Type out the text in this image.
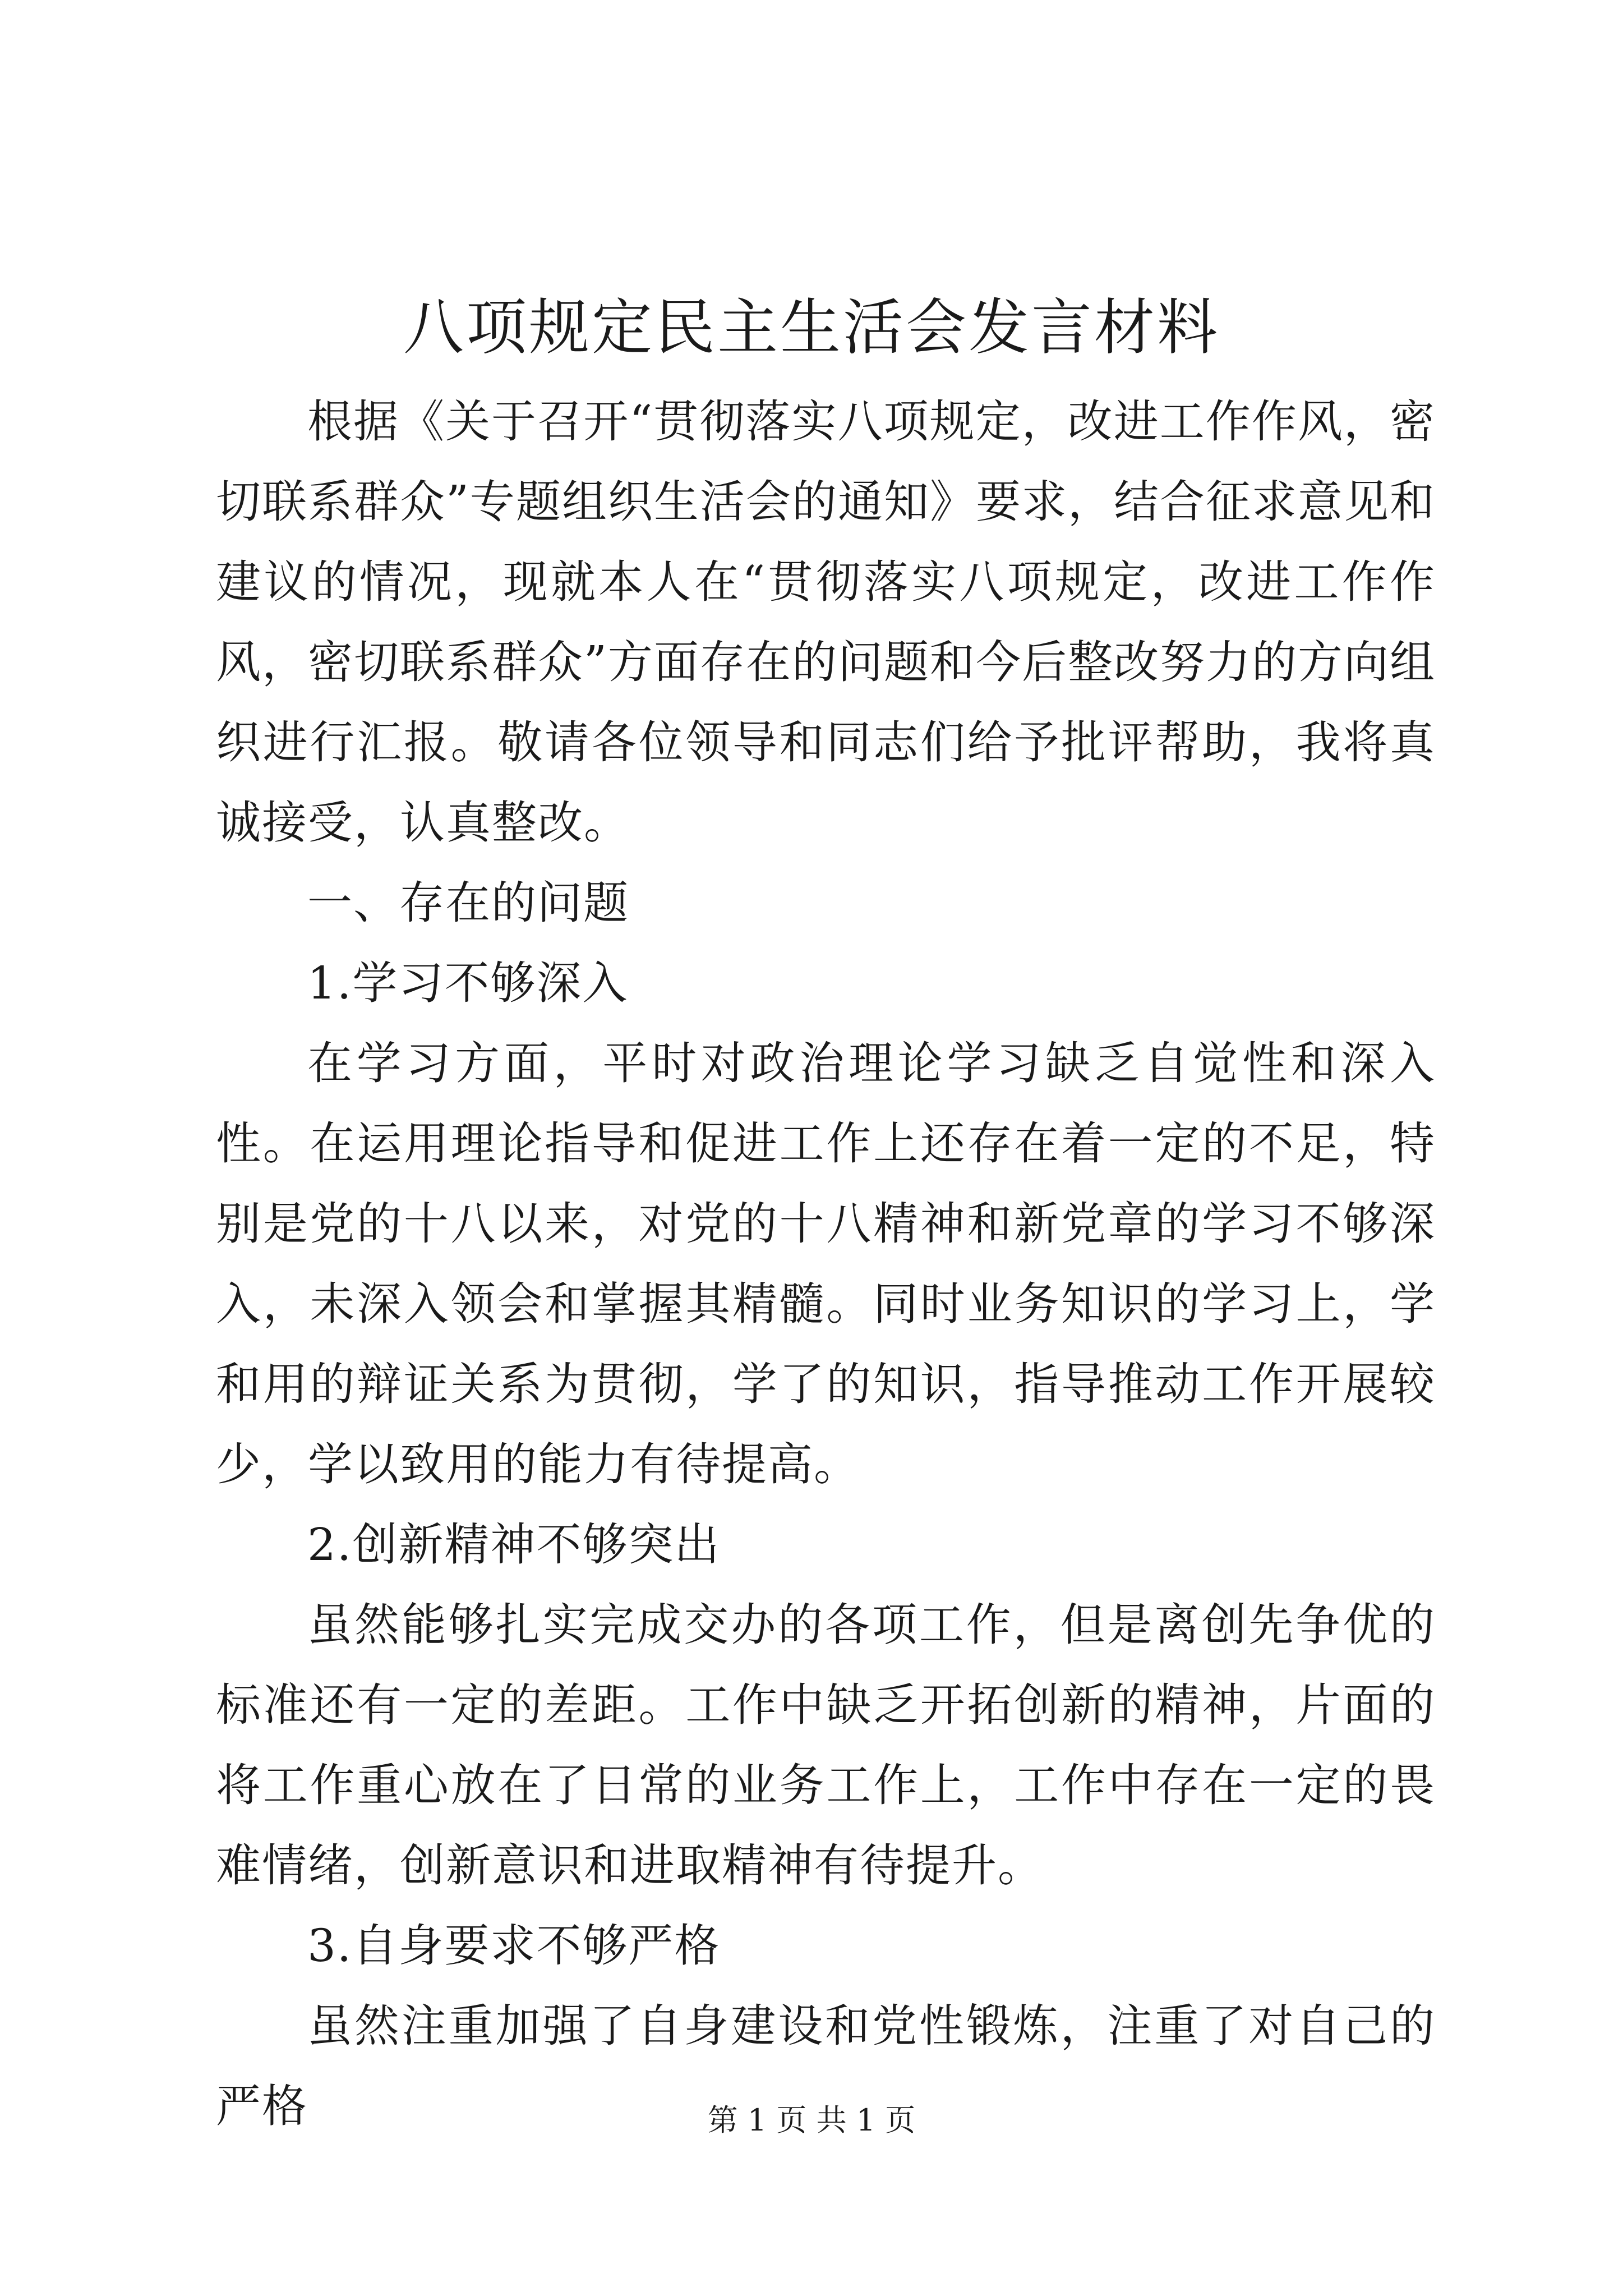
八项规定民主生活会发言材料

根据《关于召开“贯彻落实八项规定，改进工作作风，密切联系群众”专题组织生活会的通知》要求，结合征求意见和建议的情况，现就本人在“贯彻落实八项规定，改进工作作风，密切联系群众”方面存在的问题和今后整改努力的方向组织进行汇报。敬请各位领导和同志们给予批评帮助，我将真诚接受，认真整改。

一、存在的问题

1.学习不够深入

在学习方面，平时对政治理论学习缺乏自觉性和深入性。在运用理论指导和促进工作上还存在着一定的不足，特别是党的十八以来，对党的十八精神和新党章的学习不够深入，未深入领会和掌握其精髓。同时业务知识的学习上，学和用的辩证关系为贯彻，学了的知识，指导推动工作开展较少，学以致用的能力有待提高。

2.创新精神不够突出

虽然能够扎实完成交办的各项工作，但是离创先争优的标准还有一定的差距。工作中缺乏开拓创新的精神，片面的将工作重心放在了日常的业务工作上，工作中存在一定的畏难情绪，创新意识和进取精神有待提升。

3.自身要求不够严格

虽然注重加强了自身建设和党性锻炼，注重了对自己的严格	第 1 页 共 1 页
